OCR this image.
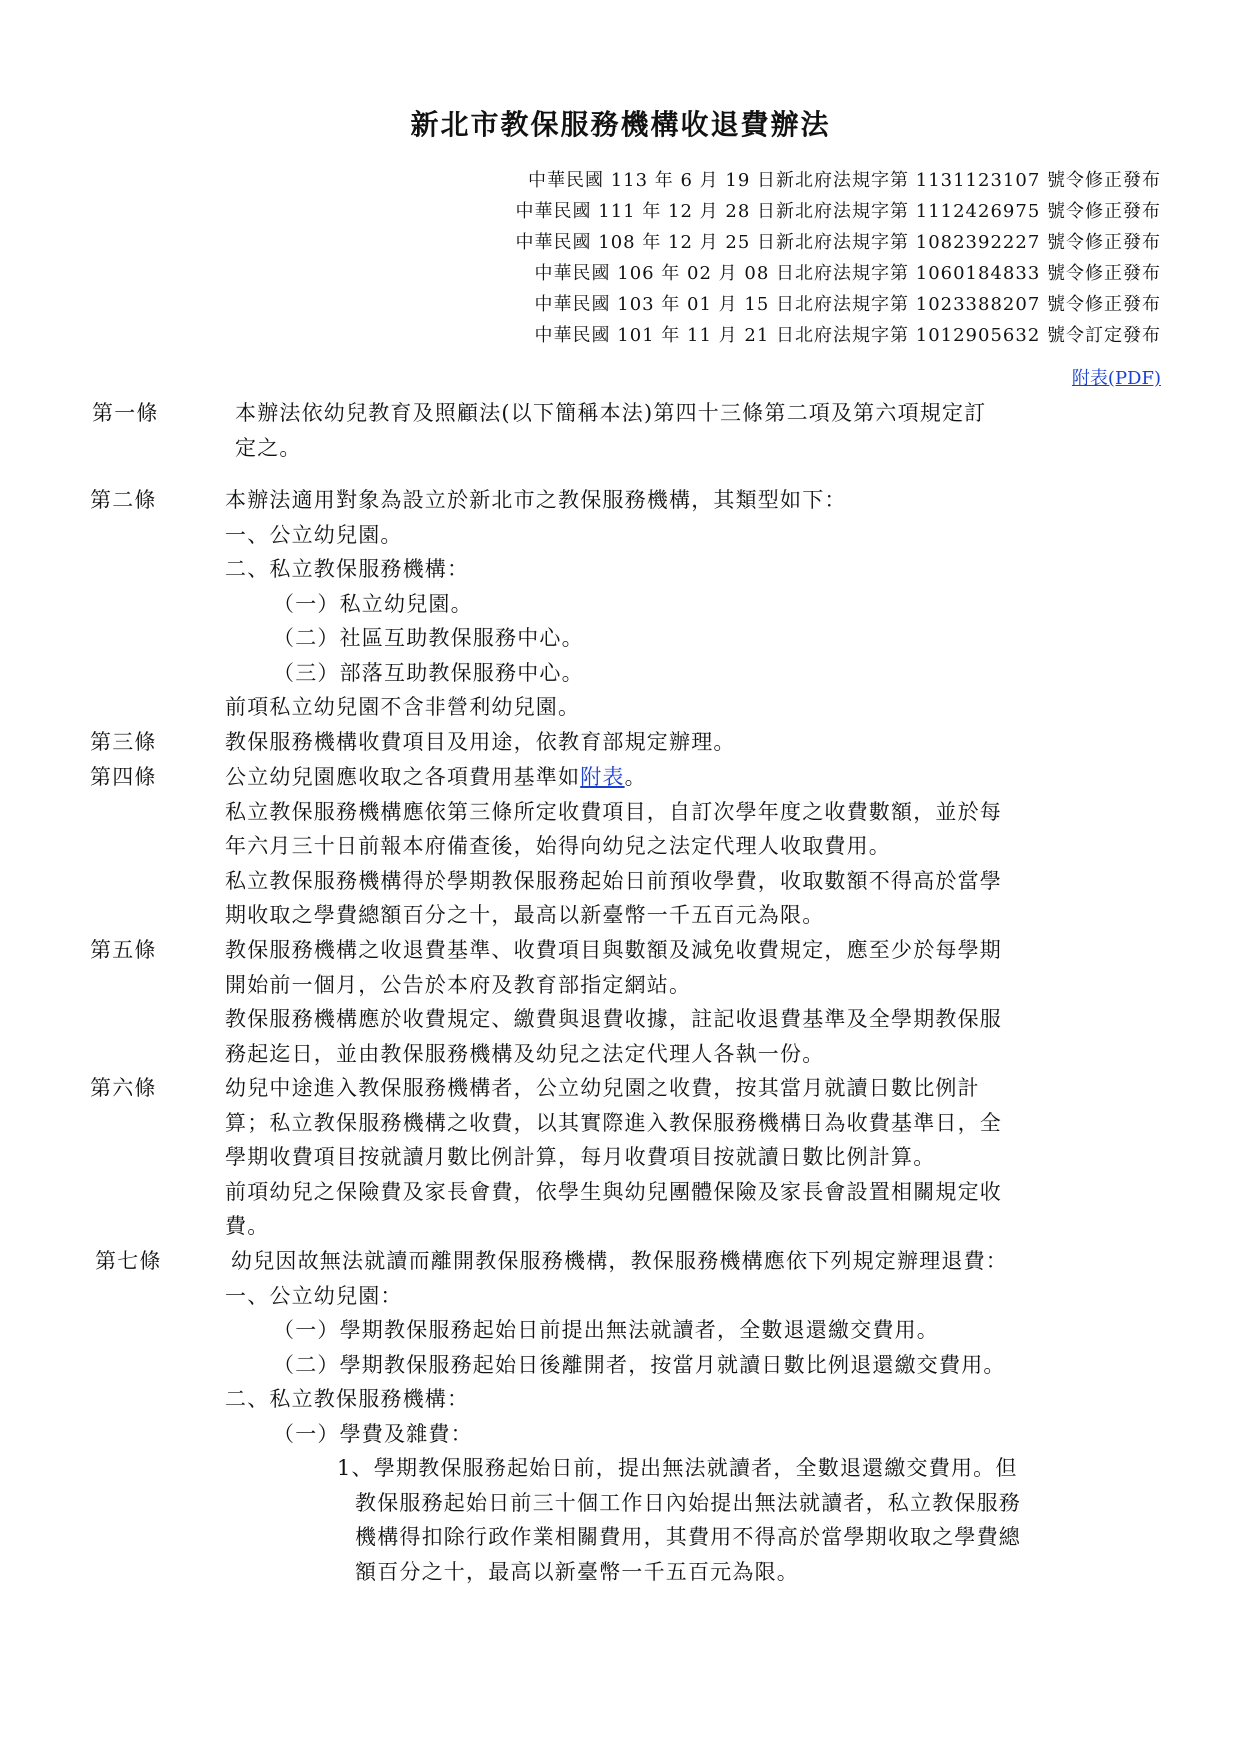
新北市教保服務機構收退費辦法
中華民國 113 年 6 月 19 日新北府法規字第 1131123107 號令修正發布
中華民國 111 年 12 月 28 日新北府法規字第 1112426975 號令修正發布
中華民國 108 年 12 月 25 日新北府法規字第 1082392227 號令修正發布
中華民國 106 年 02 月 08 日北府法規字第 1060184833 號令修正發布
中華民國 103 年 01 月 15 日北府法規字第 1023388207 號令修正發布
中華民國 101 年 11 月 21 日北府法規字第 1012905632 號令訂定發布
附表(PDF)
第一條	本辦法依幼兒教育及照顧法(以下簡稱本法)第四十三條第二項及第六項規定訂
定之。
第二條	本辦法適用對象為設立於新北市之教保服務機構，其類型如下：
一、公立幼兒園。
二、私立教保服務機構：
（一）私立幼兒園。
（二）社區互助教保服務中心。
（三）部落互助教保服務中心。
前項私立幼兒園不含非營利幼兒園。
第三條	教保服務機構收費項目及用途，依教育部規定辦理。
第四條	公立幼兒園應收取之各項費用基準如附表。
私立教保服務機構應依第三條所定收費項目，自訂次學年度之收費數額，並於每
年六月三十日前報本府備查後，始得向幼兒之法定代理人收取費用。
私立教保服務機構得於學期教保服務起始日前預收學費，收取數額不得高於當學
期收取之學費總額百分之十，最高以新臺幣一千五百元為限。
第五條	教保服務機構之收退費基準、收費項目與數額及減免收費規定，應至少於每學期
開始前一個月，公告於本府及教育部指定網站。
教保服務機構應於收費規定、繳費與退費收據，註記收退費基準及全學期教保服
務起迄日，並由教保服務機構及幼兒之法定代理人各執一份。
第六條	幼兒中途進入教保服務機構者，公立幼兒園之收費，按其當月就讀日數比例計
算；私立教保服務機構之收費，以其實際進入教保服務機構日為收費基準日，全
學期收費項目按就讀月數比例計算，每月收費項目按就讀日數比例計算。
前項幼兒之保險費及家長會費，依學生與幼兒團體保險及家長會設置相關規定收
費。
第七條	幼兒因故無法就讀而離開教保服務機構，教保服務機構應依下列規定辦理退費：
一、公立幼兒園：
（一）學期教保服務起始日前提出無法就讀者，全數退還繳交費用。
（二）學期教保服務起始日後離開者，按當月就讀日數比例退還繳交費用。
二、私立教保服務機構：
（一）學費及雜費：
1、學期教保服務起始日前，提出無法就讀者，全數退還繳交費用。但
教保服務起始日前三十個工作日內始提出無法就讀者，私立教保服務
機構得扣除行政作業相關費用，其費用不得高於當學期收取之學費總
額百分之十，最高以新臺幣一千五百元為限。
